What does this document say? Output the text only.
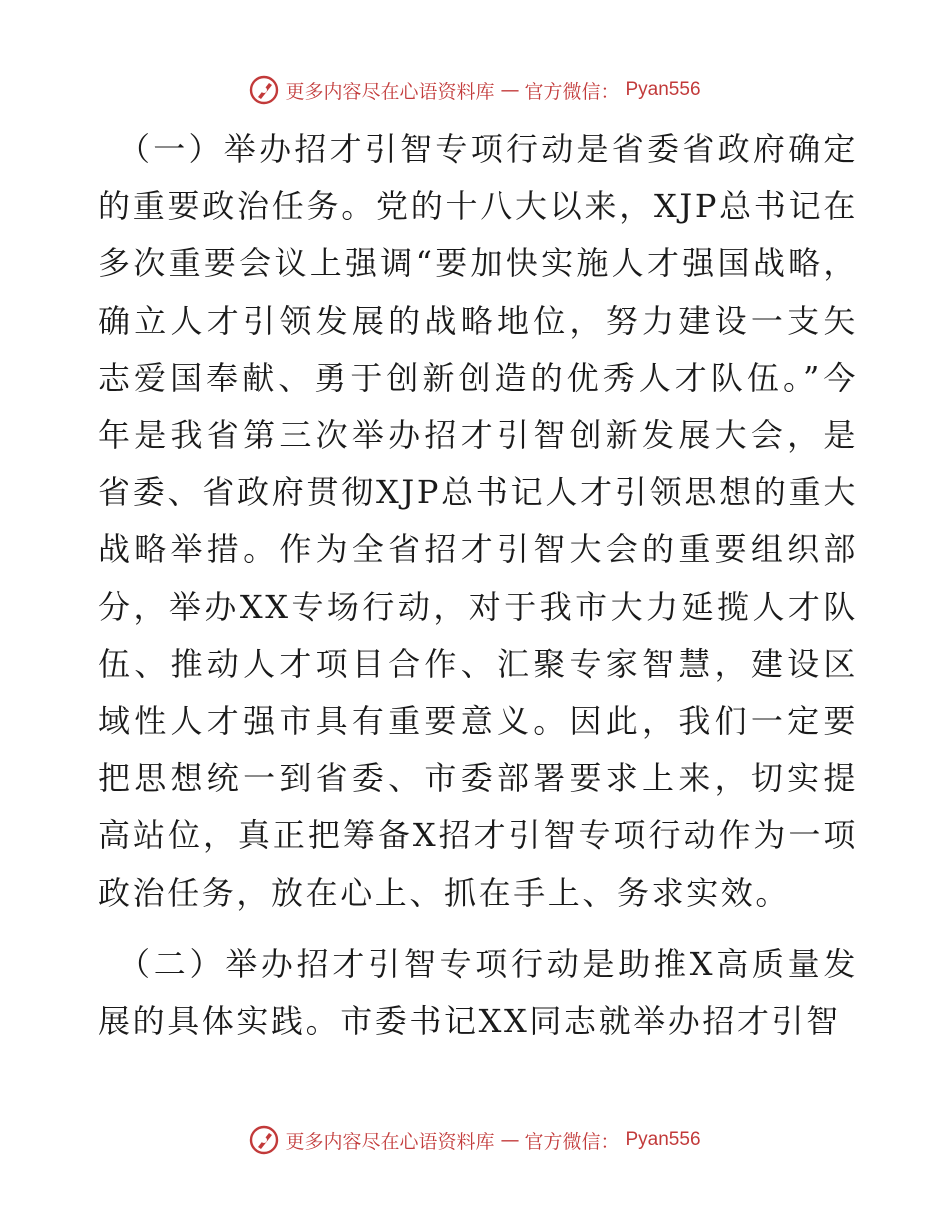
更多内容尽在心语资料库 — 官方微信： Pyan556

（一）举办招才引智专项行动是省委省政府确定的重要政治任务。党的十八大以来，XJP总书记在多次重要会议上强调“要加快实施人才强国战略，确立人才引领发展的战略地位，努力建设一支矢志爱国奉献、勇于创新创造的优秀人才队伍。”今年是我省第三次举办招才引智创新发展大会，是省委、省政府贯彻XJP总书记人才引领思想的重大战略举措。作为全省招才引智大会的重要组织部分，举办XX专场行动，对于我市大力延揽人才队伍、推动人才项目合作、汇聚专家智慧，建设区域性人才强市具有重要意义。因此，我们一定要把思想统一到省委、市委部署要求上来，切实提高站位，真正把筹备X招才引智专项行动作为一项政治任务，放在心上、抓在手上、务求实效。

（二）举办招才引智专项行动是助推X高质量发展的具体实践。市委书记XX同志就举办招才引智

更多内容尽在心语资料库 — 官方微信： Pyan556
